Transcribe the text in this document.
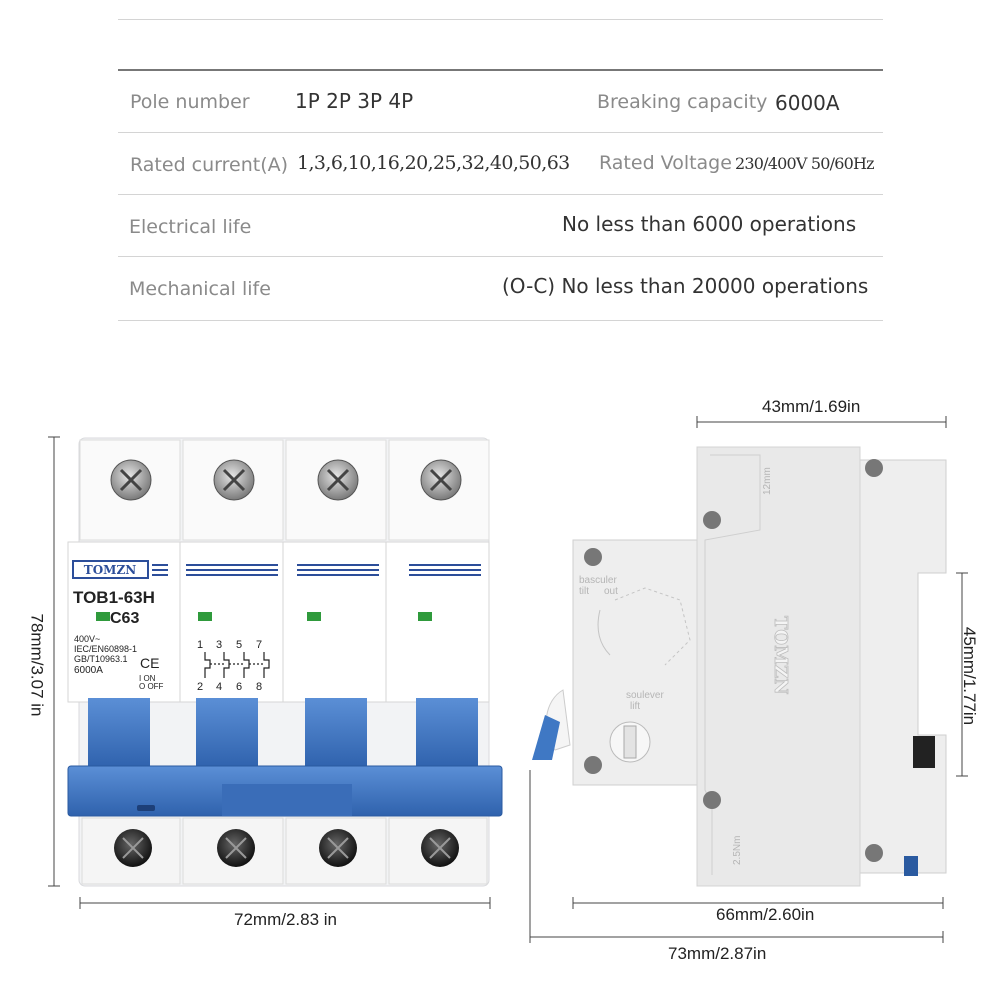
Pole number 1P 2P 3P 4P	Breaking capacity 6000A
Rated current(A) 1,3,6,10,16,20,25,32,40,50,63 Rated Voltage 230/400V 50/60Hz
Electrical life	No less than 6000 operations
Mechanical life	(O-C) No less than 20000 operations
TOMZN
TOB1-63H
C63
400V~
IEC/EN60898-1
GB/T10963.1
6000A
I ON
O OFF
CE
1 3 5 7
2 4 6 8	TOMZN
12mm
2.5Nm
basculer
tilt out
soulever
lift
78mm/3.07 in
72mm/2.83 in
43mm/1.69in
45mm/1.77in
66mm/2.60in
73mm/2.87in
